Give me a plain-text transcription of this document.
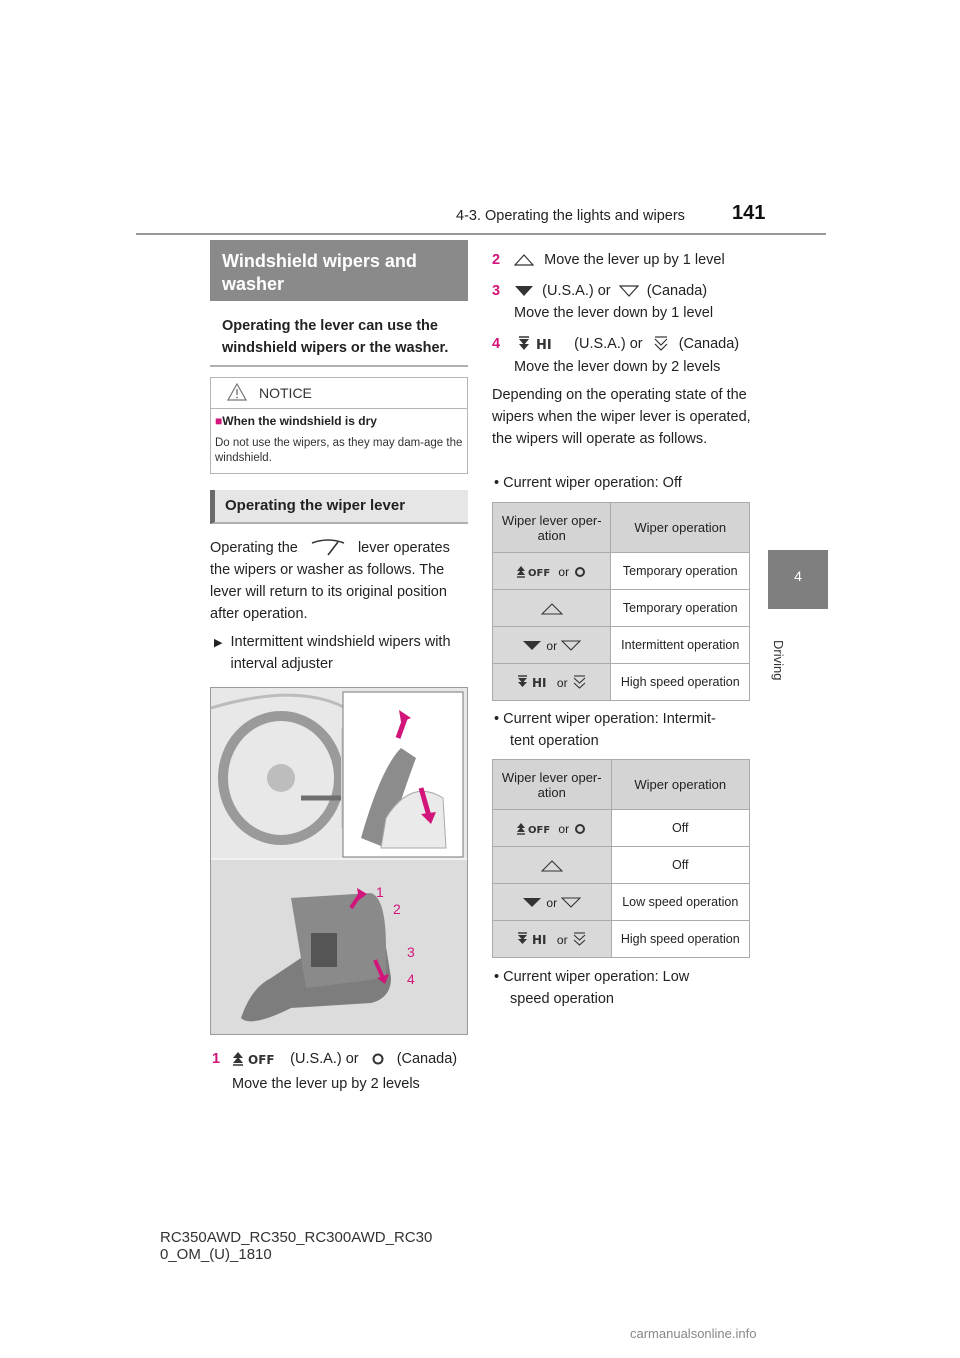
4-3. Operating the lights and wipers 141
4
Driving
Windshield wipers and washer
Operating the lever can use the windshield wipers or the washer.
NOTICE
■When the windshield is dry
Do not use the wipers, as they may dam-age the windshield.
Operating the wiper lever
Operating the	lever operates the wipers or washer as follows. The lever will return to its original position after operation.
▶ Intermittent windshield wipers with interval adjuster
1
2
3
4
1 OFF (U.S.A.) or	(Canada)
Move the lever up by 2 levels
2	Move the lever up by 1 level
3	(U.S.A.) or (Canada)
Move the lever down by 1 level
4	HI (U.S.A.) or (Canada)
Move the lever down by 2 levels
Depending on the operating state of the wipers when the wiper lever is operated, the wipers will operate as follows.
• Current wiper operation: Off
Wiper lever oper- ation	Wiper operation

OFF or	Temporary operation
	Temporary operation
or	Intermittent operation

HI or	High speed operation
• Current wiper operation: Intermit-
tent operation
Wiper lever oper- ation	Wiper operation

OFF or	Off
	Off
or	Low speed operation

HI or	High speed operation
• Current wiper operation: Low
speed operation
RC350AWD_RC350_RC300AWD_RC30
0_OM_(U)_1810
carmanualsonline.info
